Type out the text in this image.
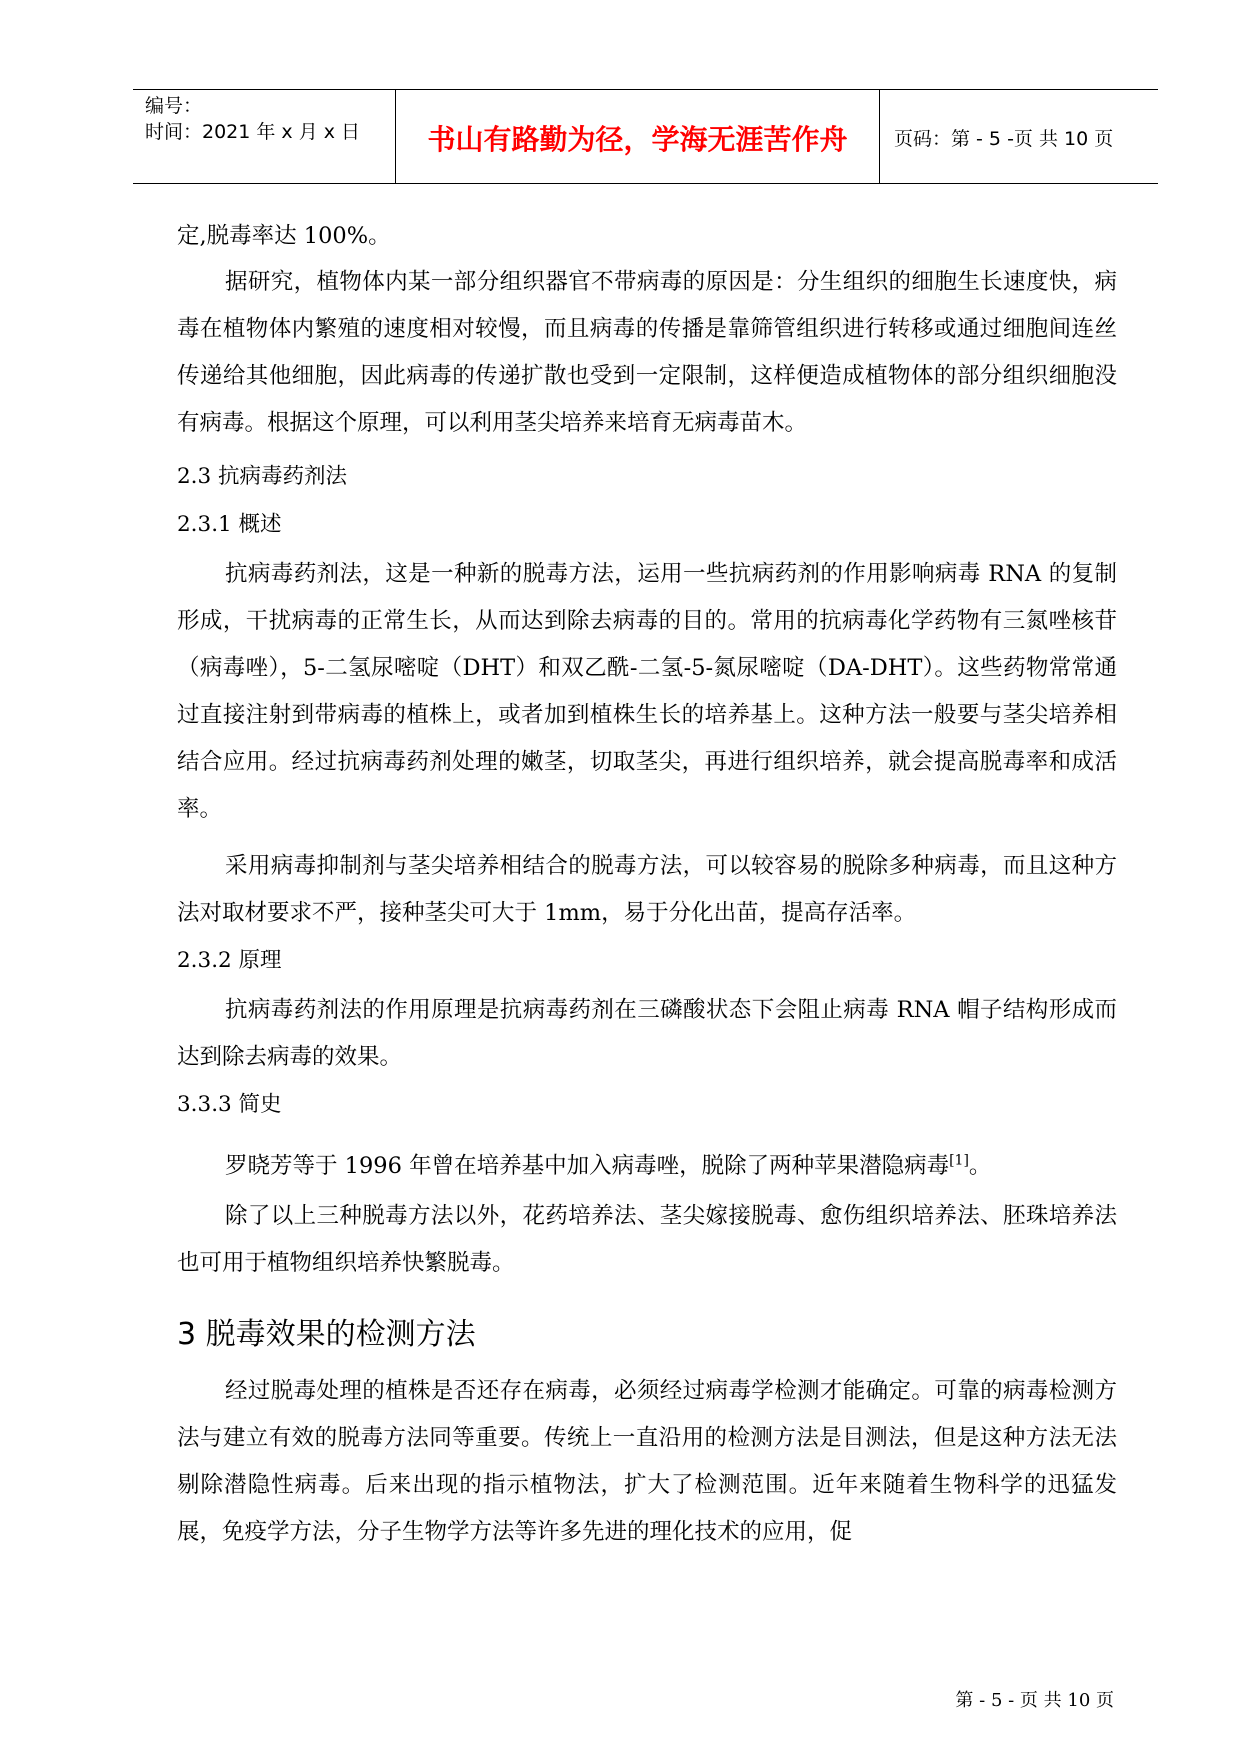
编号：
时间：2021 年 x 月 x 日	书山有路勤为径，学海无涯苦作舟	页码：第 - 5 -页 共 10 页
定,脱毒率达 100%。
据研究，植物体内某一部分组织器官不带病毒的原因是：分生组织的细胞生长速度快，病毒在植物体内繁殖的速度相对较慢，而且病毒的传播是靠筛管组织进行转移或通过细胞间连丝传递给其他细胞，因此病毒的传递扩散也受到一定限制，这样便造成植物体的部分组织细胞没有病毒。根据这个原理，可以利用茎尖培养来培育无病毒苗木。
2.3 抗病毒药剂法
2.3.1 概述
抗病毒药剂法，这是一种新的脱毒方法，运用一些抗病药剂的作用影响病毒 RNA 的复制形成，干扰病毒的正常生长，从而达到除去病毒的目的。常用的抗病毒化学药物有三氮唑核苷（病毒唑），5-二氢尿嘧啶（DHT）和双乙酰-二氢-5-氮尿嘧啶（DA-DHT）。这些药物常常通过直接注射到带病毒的植株上，或者加到植株生长的培养基上。这种方法一般要与茎尖培养相结合应用。经过抗病毒药剂处理的嫩茎，切取茎尖，再进行组织培养，就会提高脱毒率和成活率。
采用病毒抑制剂与茎尖培养相结合的脱毒方法，可以较容易的脱除多种病毒，而且这种方法对取材要求不严，接种茎尖可大于 1mm，易于分化出苗，提高存活率。
2.3.2 原理
抗病毒药剂法的作用原理是抗病毒药剂在三磷酸状态下会阻止病毒 RNA 帽子结构形成而达到除去病毒的效果。
3.3.3 简史
罗晓芳等于 1996 年曾在培养基中加入病毒唑，脱除了两种苹果潜隐病毒[1]。
除了以上三种脱毒方法以外，花药培养法、茎尖嫁接脱毒、愈伤组织培养法、胚珠培养法也可用于植物组织培养快繁脱毒。
3 脱毒效果的检测方法
经过脱毒处理的植株是否还存在病毒，必须经过病毒学检测才能确定。可靠的病毒检测方法与建立有效的脱毒方法同等重要。传统上一直沿用的检测方法是目测法，但是这种方法无法剔除潜隐性病毒。后来出现的指示植物法，扩大了检测范围。近年来随着生物科学的迅猛发展，免疫学方法，分子生物学方法等许多先进的理化技术的应用，促
第 - 5 - 页 共 10 页
